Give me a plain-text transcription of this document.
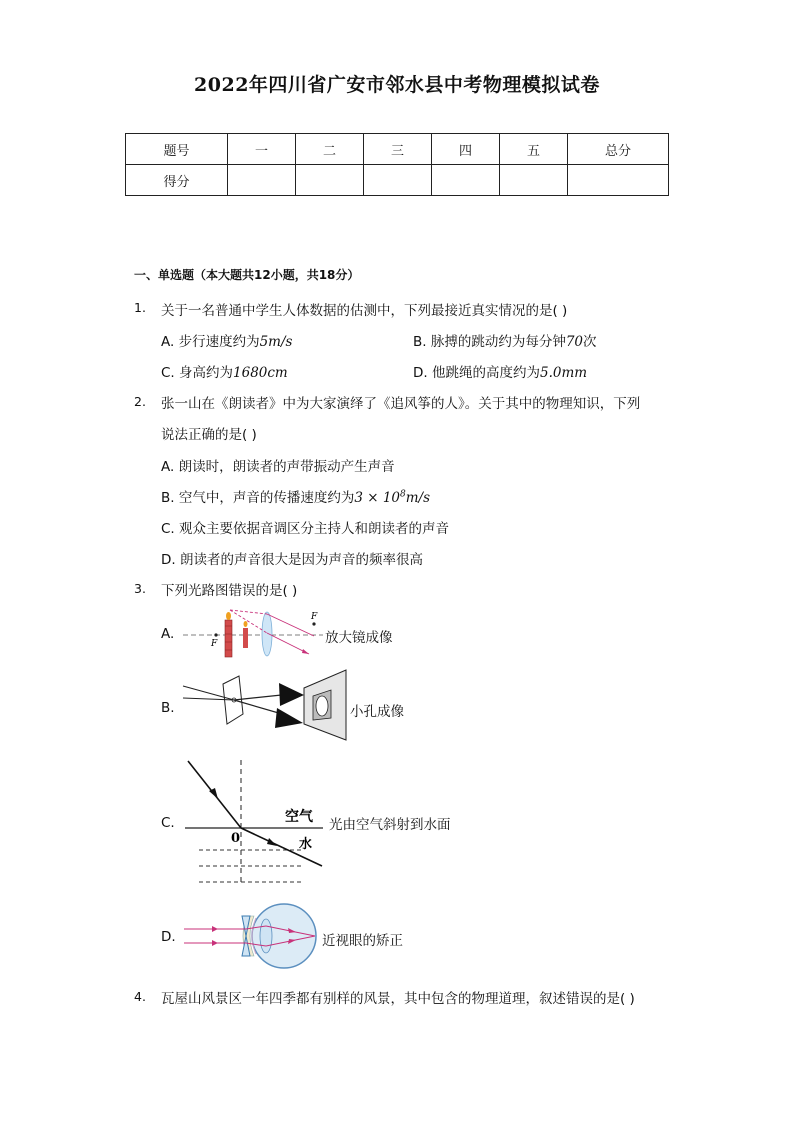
2022年四川省广安市邻水县中考物理模拟试卷
题号	一	二	三	四	五	总分
得分						
一、单选题（本大题共12小题，共18分）
1. 关于一名普通中学生人体数据的估测中，下列最接近真实情况的是( )
A. 步行速度约为5m/s	B. 脉搏的跳动约为每分钟70次
C. 身高约为1680cm	D. 他跳绳的高度约为5.0mm
2. 张一山在《朗读者》中为大家演绎了《追风筝的人》。关于其中的物理知识，下列
说法正确的是( )
A. 朗读时，朗读者的声带振动产生声音
B. 空气中，声音的传播速度约为$3 \times 10^8m/s$
C. 观众主要依据音调区分主持人和朗读者的声音
D. 朗读者的声音很大是因为声音的频率很高
3. 下列光路图错误的是( )
A.
F
F
放大镜成像
B.	小孔成像
C.
0
空气
水
光由空气斜射到水面
D.	近视眼的矫正
4. 瓦屋山风景区一年四季都有别样的风景，其中包含的物理道理，叙述错误的是( )
